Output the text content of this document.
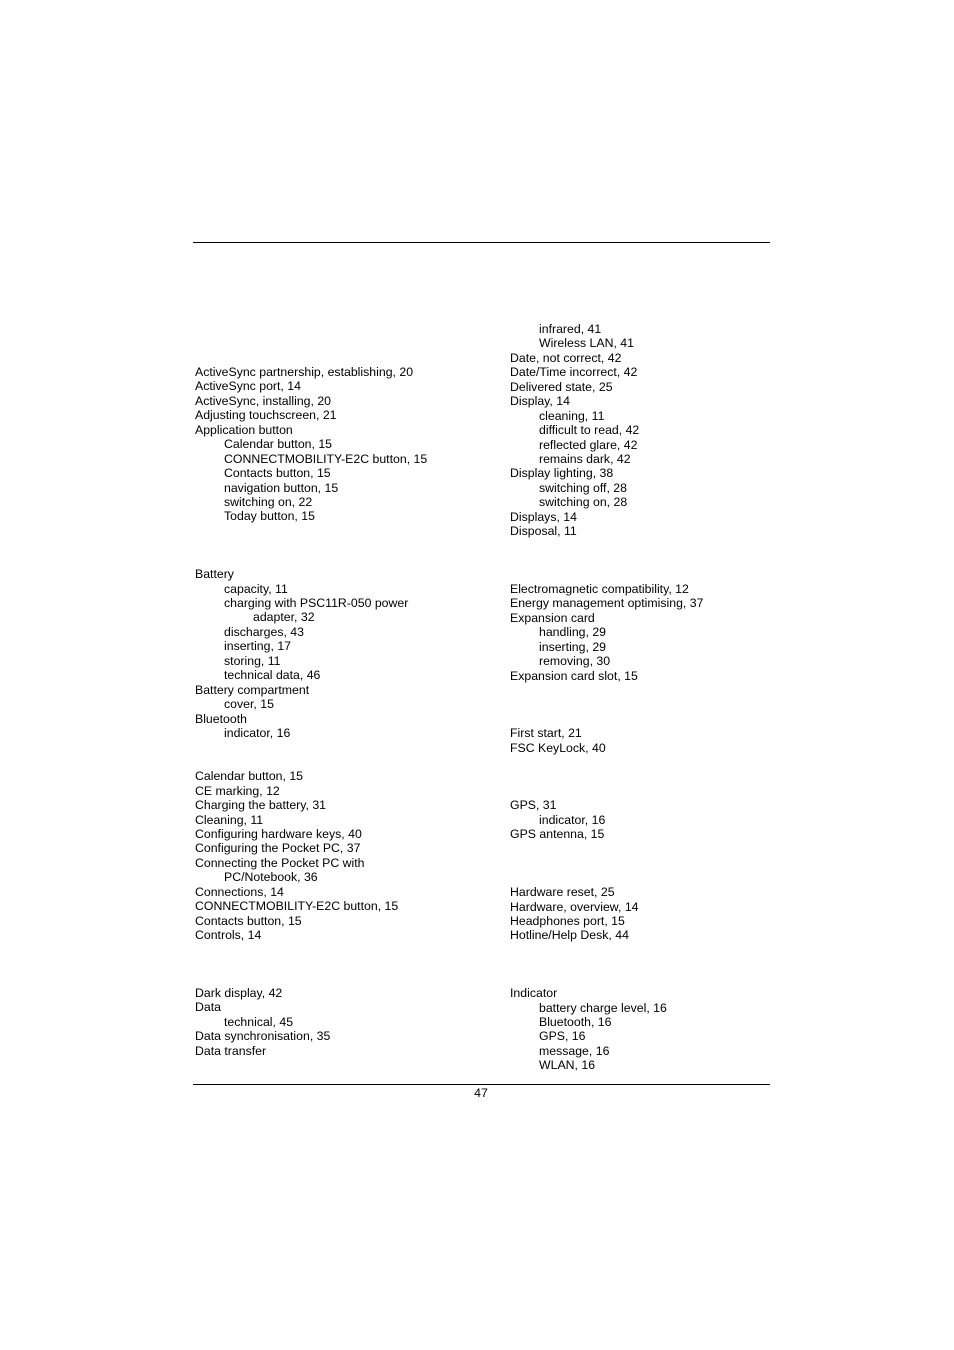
ActiveSync partnership, establishing, 20
ActiveSync port, 14
ActiveSync, installing, 20
Adjusting touchscreen, 21
Application button
Calendar button, 15
CONNECTMOBILITY-E2C button, 15
Contacts button, 15
navigation button, 15
switching on, 22
Today button, 15
Battery
capacity, 11
charging with PSC11R-050 power
adapter, 32
discharges, 43
inserting, 17
storing, 11
technical data, 46
Battery compartment
cover, 15
Bluetooth
indicator, 16
Calendar button, 15
CE marking, 12
Charging the battery, 31
Cleaning, 11
Configuring hardware keys, 40
Configuring the Pocket PC, 37
Connecting the Pocket PC with
PC/Notebook, 36
Connections, 14
CONNECTMOBILITY-E2C button, 15
Contacts button, 15
Controls, 14
Dark display, 42
Data
technical, 45
Data synchronisation, 35
Data transfer
infrared, 41
Wireless LAN, 41
Date, not correct, 42
Date/Time incorrect, 42
Delivered state, 25
Display, 14
cleaning, 11
difficult to read, 42
reflected glare, 42
remains dark, 42
Display lighting, 38
switching off, 28
switching on, 28
Displays, 14
Disposal, 11
Electromagnetic compatibility, 12
Energy management optimising, 37
Expansion card
handling, 29
inserting, 29
removing, 30
Expansion card slot, 15
First start, 21
FSC KeyLock, 40
GPS, 31
indicator, 16
GPS antenna, 15
Hardware reset, 25
Hardware, overview, 14
Headphones port, 15
Hotline/Help Desk, 44
Indicator
battery charge level, 16
Bluetooth, 16
GPS, 16
message, 16
WLAN, 16
47
